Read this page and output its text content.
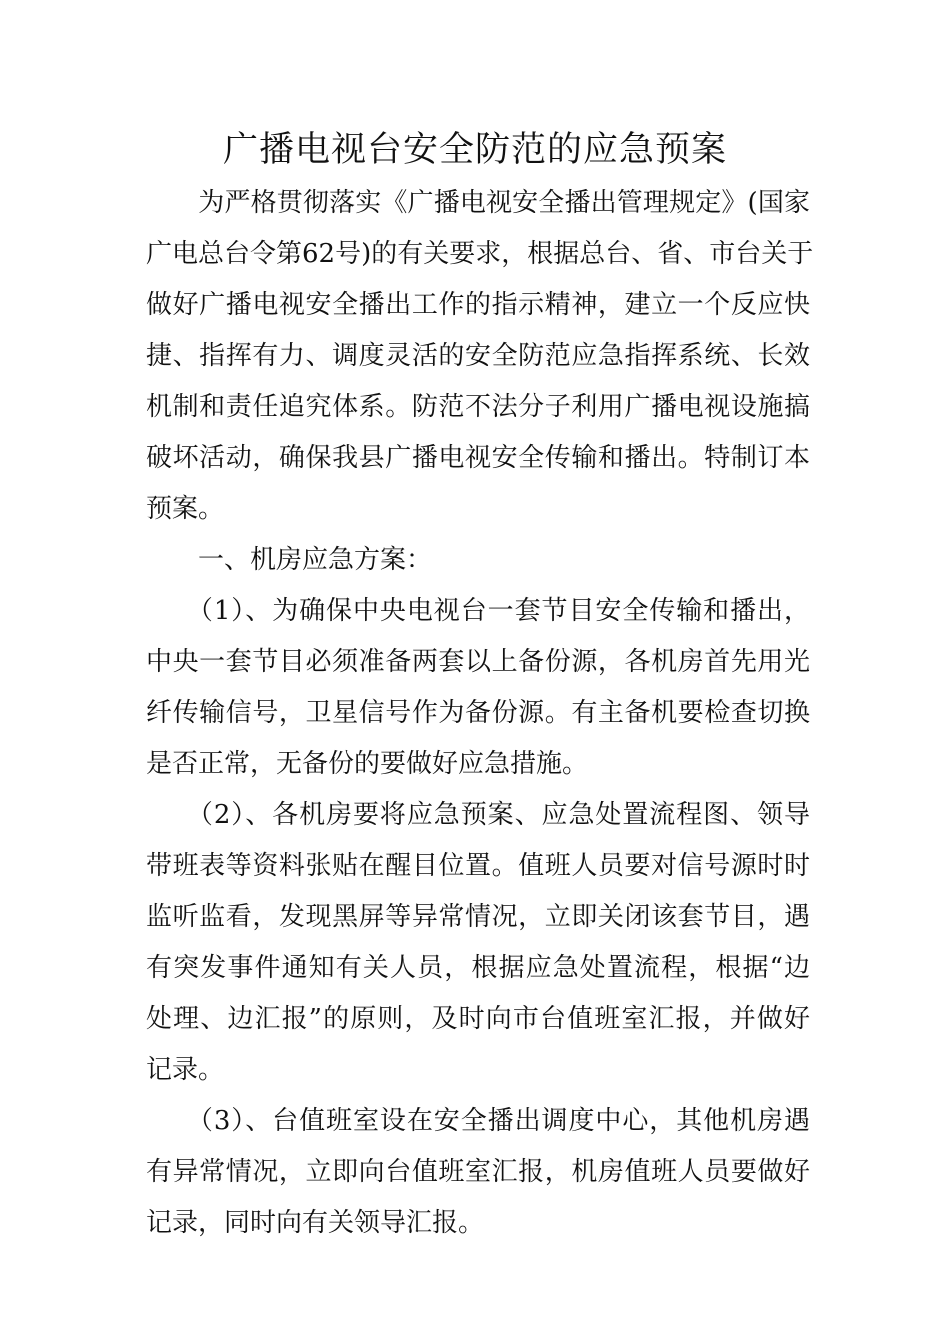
广播电视台安全防范的应急预案
　　为严格贯彻落实《广播电视安全播出管理规定》(国家
广电总台令第62号)的有关要求，根据总台、省、市台关于
做好广播电视安全播出工作的指示精神，建立一个反应快
捷、指挥有力、调度灵活的安全防范应急指挥系统、长效
机制和责任追究体系。防范不法分子利用广播电视设施搞
破坏活动，确保我县广播电视安全传输和播出。特制订本
预案。
　　一、机房应急方案：
　　（1）、为确保中央电视台一套节目安全传输和播出，
中央一套节目必须准备两套以上备份源，各机房首先用光
纤传输信号，卫星信号作为备份源。有主备机要检查切换
是否正常，无备份的要做好应急措施。
　　（2）、各机房要将应急预案、应急处置流程图、领导
带班表等资料张贴在醒目位置。值班人员要对信号源时时
监听监看，发现黑屏等异常情况，立即关闭该套节目，遇
有突发事件通知有关人员，根据应急处置流程，根据“边
处理、边汇报”的原则，及时向市台值班室汇报，并做好
记录。
　　（3）、台值班室设在安全播出调度中心，其他机房遇
有异常情况，立即向台值班室汇报，机房值班人员要做好
记录，同时向有关领导汇报。
